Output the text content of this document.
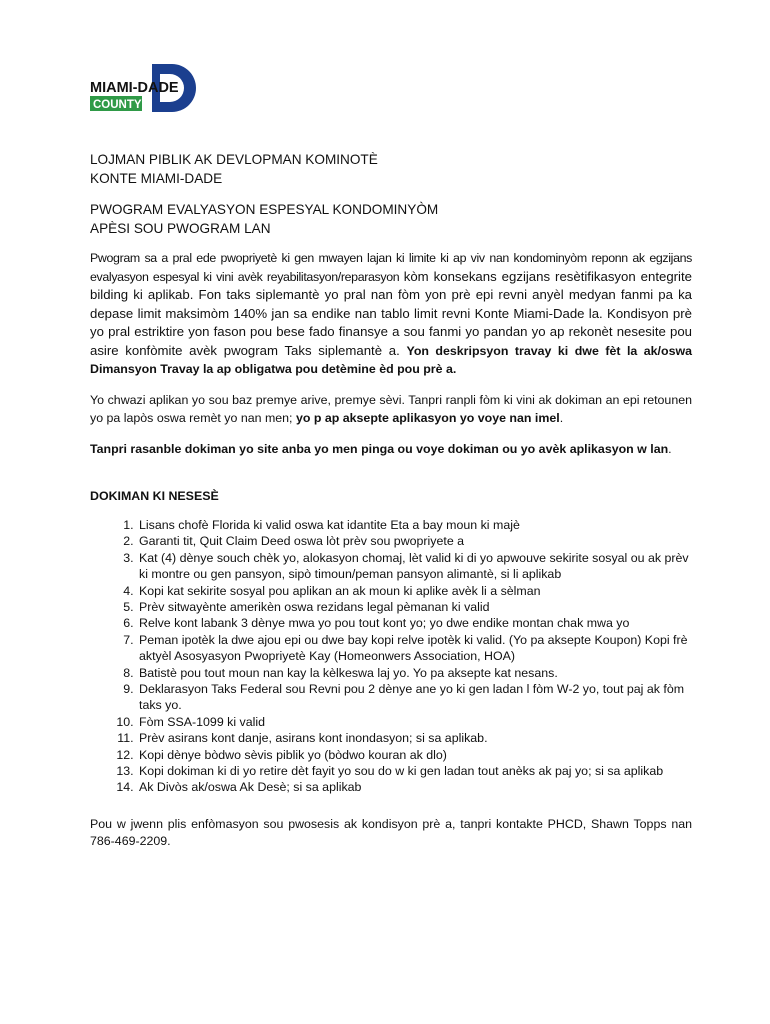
MIAMI-DADE
COUNTY

LOJMAN PIBLIK AK DEVLOPMAN KOMINOTÈ

KONTE MIAMI-DADE

PWOGRAM EVALYASYON ESPESYAL KONDOMINYÒM

APÈSI SOU PWOGRAM LAN

Pwogram sa a pral ede pwopriyetè ki gen mwayen lajan ki limite ki ap viv nan kondominyòm reponn ak egzijans evalyasyon espesyal ki vini avèk reyabilitasyon/reparasyon kòm konsekans egzijans resètifikasyon entegrite bilding ki aplikab. Fon taks siplemantè yo pral nan fòm yon prè epi revni anyèl medyan fanmi pa ka depase limit maksimòm 140% jan sa endike nan tablo limit revni Konte Miami-Dade la. Kondisyon prè yo pral estriktire yon fason pou bese fado finansye a sou fanmi yo pandan yo ap rekonèt nesesite pou asire konfòmite avèk pwogram Taks siplemantè a. Yon deskripsyon travay ki dwe fèt la ak/oswa Dimansyon Travay la ap obligatwa pou detèmine èd pou prè a.

Yo chwazi aplikan yo sou baz premye arive, premye sèvi. Tanpri ranpli fòm ki vini ak dokiman an epi retounen yo pa lapòs oswa remèt yo nan men; yo p ap aksepte aplikasyon yo voye nan imel.

Tanpri rasanble dokiman yo site anba yo men pinga ou voye dokiman ou yo avèk aplikasyon w lan.

DOKIMAN KI NESESÈ
1. Lisans chofè Florida ki valid oswa kat idantite Eta a bay moun ki majè
2. Garanti tit, Quit Claim Deed oswa lòt prèv sou pwopriyete a
3. Kat (4) dènye souch chèk yo, alokasyon chomaj, lèt valid ki di yo apwouve sekirite sosyal ou ak prèv ki montre ou gen pansyon, sipò timoun/peman pansyon alimantè, si li aplikab
4. Kopi kat sekirite sosyal pou aplikan an ak moun ki aplike avèk li a sèlman
5. Prèv sitwayènte amerikèn oswa rezidans legal pèmanan ki valid
6. Relve kont labank 3 dènye mwa yo pou tout kont yo; yo dwe endike montan chak mwa yo
7. Peman ipotèk la dwe ajou epi ou dwe bay kopi relve ipotèk ki valid. (Yo pa aksepte Koupon) Kopi frè aktyèl Asosyasyon Pwopriyetè Kay (Homeonwers Association, HOA)
8. Batistè pou tout moun nan kay la kèlkeswa laj yo. Yo pa aksepte kat nesans.
9. Deklarasyon Taks Federal sou Revni pou 2 dènye ane yo ki gen ladan l fòm W-2 yo, tout paj ak fòm taks yo.
10. Fòm SSA-1099 ki valid
11. Prèv asirans kont danje, asirans kont inondasyon; si sa aplikab.
12. Kopi dènye bòdwo sèvis piblik yo (bòdwo kouran ak dlo)
13. Kopi dokiman ki di yo retire dèt fayit yo sou do w ki gen ladan tout anèks ak paj yo; si sa aplikab
14. Ak Divòs ak/oswa Ak Desè; si sa aplikab

Pou w jwenn plis enfòmasyon sou pwosesis ak kondisyon prè a, tanpri kontakte PHCD, Shawn Topps nan 786-469-2209.
